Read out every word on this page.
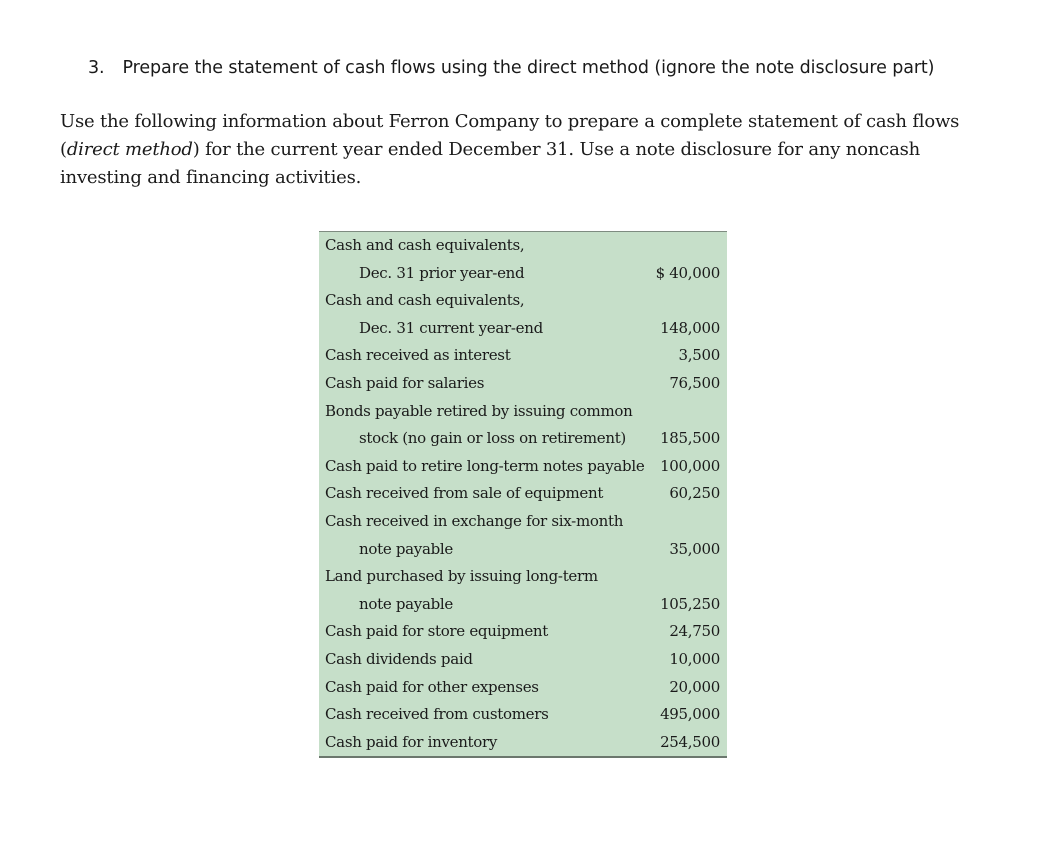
3. Prepare the statement of cash flows using the direct method (ignore the note disclosure part)
Use the following information about Ferron Company to prepare a complete statement of cash flows (direct method) for the current year ended December 31. Use a note disclosure for any noncash investing and financing activities.
Cash and cash equivalents,
Dec. 31 prior year-end	$ 40,000
Cash and cash equivalents,
Dec. 31 current year-end	148,000
Cash received as interest	3,500
Cash paid for salaries	76,500
Bonds payable retired by issuing common
stock (no gain or loss on retirement) 185,500
Cash paid to retire long-term notes payable 100,000
Cash received from sale of equipment	60,250
Cash received in exchange for six-month
note payable	35,000
Land purchased by issuing long-term
note payable	105,250
Cash paid for store equipment	24,750
Cash dividends paid	10,000
Cash paid for other expenses	20,000
Cash received from customers	495,000
Cash paid for inventory	254,500
